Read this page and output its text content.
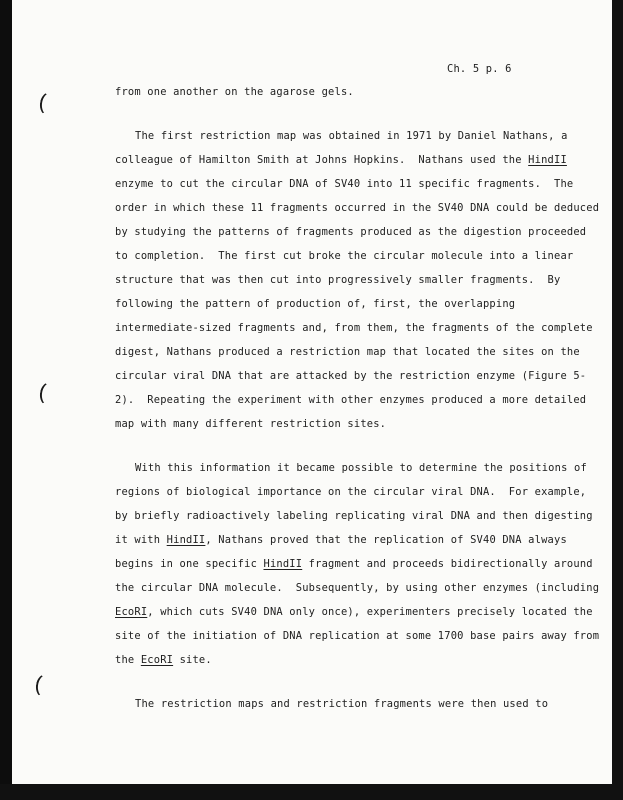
Ch. 5 p. 6

from one another on the agarose gels.

The first restriction map was obtained in 1971 by Daniel Nathans, a

colleague of Hamilton Smith at Johns Hopkins.  Nathans used the HindII

enzyme to cut the circular DNA of SV40 into 11 specific fragments.  The

order in which these 11 fragments occurred in the SV40 DNA could be deduced

by studying the patterns of fragments produced as the digestion proceeded

to completion.  The first cut broke the circular molecule into a linear

structure that was then cut into progressively smaller fragments.  By

following the pattern of production of, first, the overlapping

intermediate-sized fragments and, from them, the fragments of the complete

digest, Nathans produced a restriction map that located the sites on the

circular viral DNA that are attacked by the restriction enzyme (Figure 5-

2).  Repeating the experiment with other enzymes produced a more detailed

map with many different restriction sites.

With this information it became possible to determine the positions of

regions of biological importance on the circular viral DNA.  For example,

by briefly radioactively labeling replicating viral DNA and then digesting

it with HindII, Nathans proved that the replication of SV40 DNA always

begins in one specific HindII fragment and proceeds bidirectionally around

the circular DNA molecule.  Subsequently, by using other enzymes (including

EcoRI, which cuts SV40 DNA only once), experimenters precisely located the

site of the initiation of DNA replication at some 1700 base pairs away from

the EcoRI site.

The restriction maps and restriction fragments were then used to
